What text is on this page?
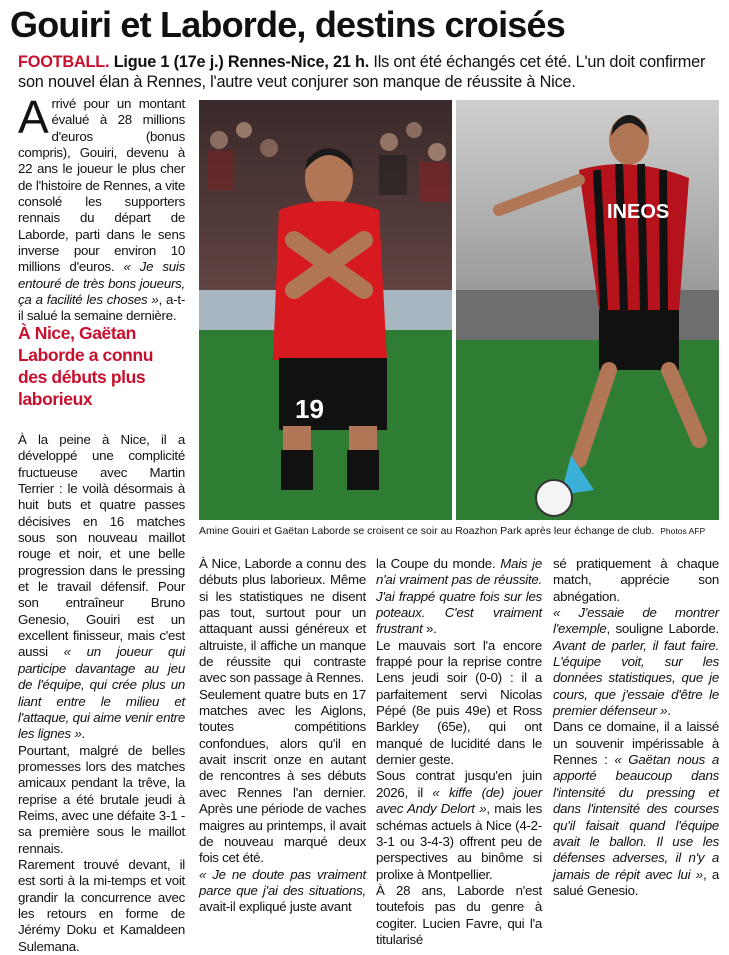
Gouiri et Laborde, destins croisés
FOOTBALL. Ligue 1 (17e j.) Rennes-Nice, 21 h. Ils ont été échangés cet été. L'un doit confirmer son nouvel élan à Rennes, l'autre veut conjurer son manque de réussite à Nice.

Arrivé pour un montant évalué à 28 millions d'euros (bonus compris), Gouiri, devenu à 22 ans le joueur le plus cher de l'histoire de Rennes, a vite consolé les supporters rennais du départ de Laborde, parti dans le sens inverse pour environ 10 millions d'euros. « Je suis entouré de très bons joueurs, ça a facilité les choses », a-t-il salué la semaine dernière.

À Nice, Gaëtan Laborde a connu des débuts plus laborieux

À la peine à Nice, il a développé une complicité fructueuse avec Martin Terrier : le voilà désormais à huit buts et quatre passes décisives en 16 matches sous son nouveau maillot rouge et noir, et une belle progression dans le pressing et le travail défensif. Pour son entraîneur Bruno Genesio, Gouiri est un excellent finisseur, mais c'est aussi « un joueur qui participe davantage au jeu de l'équipe, qui crée plus un liant entre le milieu et l'attaque, qui aime venir entre les lignes ».

Pourtant, malgré de belles promesses lors des matches amicaux pendant la trêve, la reprise a été brutale jeudi à Reims, avec une défaite 3-1 -sa première sous le maillot rennais.

Rarement trouvé devant, il est sorti à la mi-temps et voit grandir la concurrence avec les retours en forme de Jérémy Doku et Kamaldeen Sulemana.

19
INEOS
Amine Gouiri et Gaëtan Laborde se croisent ce soir au Roazhon Park après leur échange de club. Photos AFP

À Nice, Laborde a connu des débuts plus laborieux. Même si les statistiques ne disent pas tout, surtout pour un attaquant aussi généreux et altruiste, il affiche un manque de réussite qui contraste avec son passage à Rennes.

Seulement quatre buts en 17 matches avec les Aiglons, toutes compétitions confondues, alors qu'il en avait inscrit onze en autant de rencontres à ses débuts avec Rennes l'an dernier. Après une période de vaches maigres au printemps, il avait de nouveau marqué deux fois cet été.

« Je ne doute pas vraiment parce que j'ai des situations, avait-il expliqué juste avant

la Coupe du monde. Mais je n'ai vraiment pas de réussite. J'ai frappé quatre fois sur les poteaux. C'est vraiment frustrant ».

Le mauvais sort l'a encore frappé pour la reprise contre Lens jeudi soir (0-0) : il a parfaitement servi Nicolas Pépé (8e puis 49e) et Ross Barkley (65e), qui ont manqué de lucidité dans le dernier geste.

Sous contrat jusqu'en juin 2026, il « kiffe (de) jouer avec Andy Delort », mais les schémas actuels à Nice (4-2-3-1 ou 3-4-3) offrent peu de perspectives au binôme si prolixe à Montpellier.

À 28 ans, Laborde n'est toutefois pas du genre à cogiter. Lucien Favre, qui l'a titularisé

sé pratiquement à chaque match, apprécie son abnégation.

« J'essaie de montrer l'exemple, souligne Laborde. Avant de parler, il faut faire. L'équipe voit, sur les données statistiques, que je cours, que j'essaie d'être le premier défenseur ».

Dans ce domaine, il a laissé un souvenir impérissable à Rennes : « Gaëtan nous a apporté beaucoup dans l'intensité du pressing et dans l'intensité des courses qu'il faisait quand l'équipe avait le ballon. Il use les défenses adverses, il n'y a jamais de répit avec lui », a salué Genesio.
